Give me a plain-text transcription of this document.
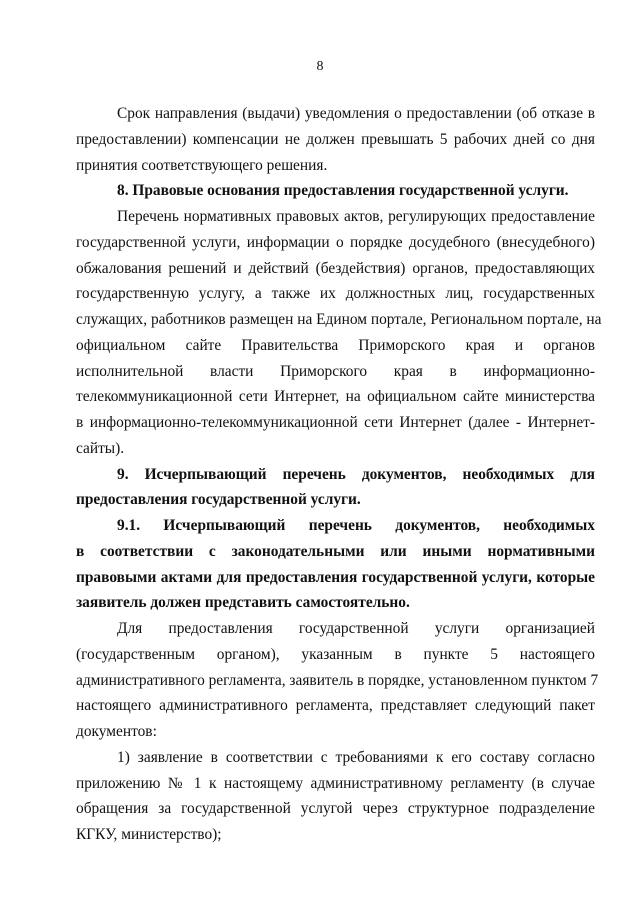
8
Срок направления (выдачи) уведомления о предоставлении (об отказе в
предоставлении) компенсации не должен превышать 5 рабочих дней со дня
принятия соответствующего решения.
8. Правовые основания предоставления государственной услуги.
Перечень нормативных правовых актов, регулирующих предоставление
государственной услуги, информации о порядке досудебного (внесудебного)
обжалования решений и действий (бездействия) органов, предоставляющих
государственную услугу, а также их должностных лиц, государственных
служащих, работников размещен на Едином портале, Региональном портале, на
официальном сайте Правительства Приморского края и органов
исполнительной власти Приморского края в информационно-
телекоммуникационной сети Интернет, на официальном сайте министерства
в информационно-телекоммуникационной сети Интернет (далее - Интернет-
сайты).
9. Исчерпывающий перечень документов, необходимых для
предоставления государственной услуги.
9.1. Исчерпывающий перечень документов, необходимых
в соответствии с законодательными или иными нормативными
правовыми актами для предоставления государственной услуги, которые
заявитель должен представить самостоятельно.
Для предоставления государственной услуги организацией
(государственным органом), указанным в пункте 5 настоящего
административного регламента, заявитель в порядке, установленном пунктом 7
настоящего административного регламента, представляет следующий пакет
документов:
1) заявление в соответствии с требованиями к его составу согласно
приложению № 1 к настоящему административному регламенту (в случае
обращения за государственной услугой через структурное подразделение
КГКУ, министерство);
